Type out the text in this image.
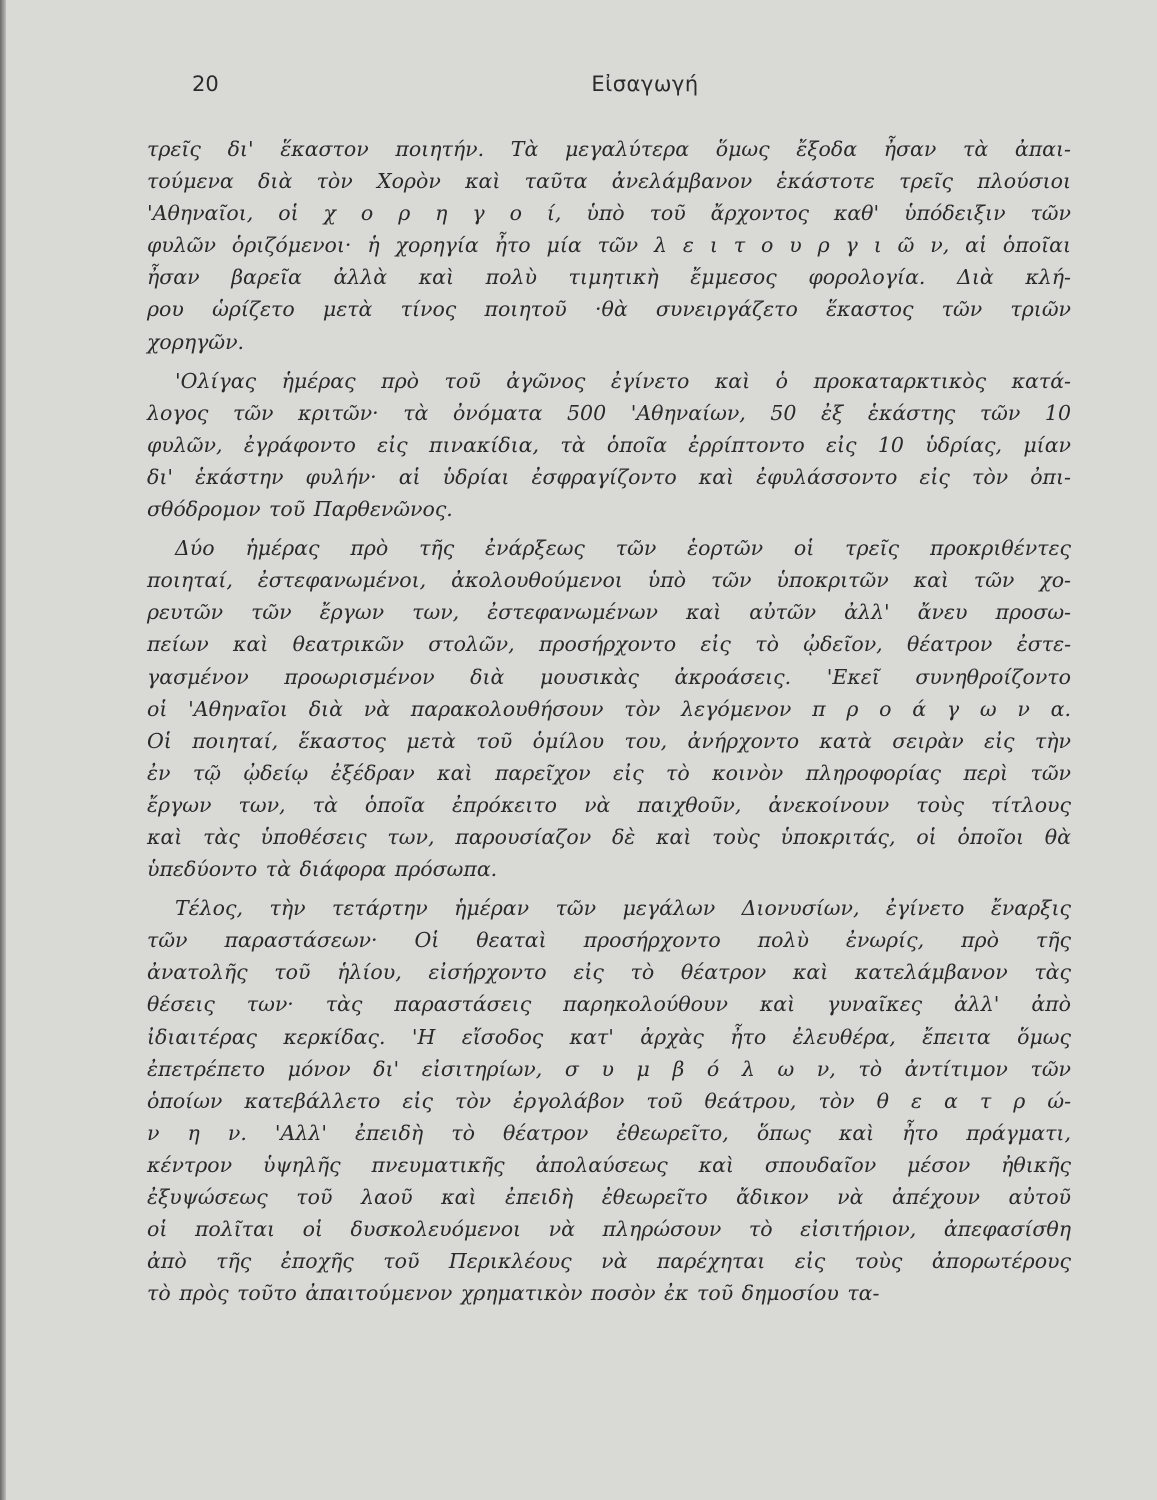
20	Εἰσαγωγή
τρεῖς δι' ἕκαστον ποιητήν. Τὰ μεγαλύτερα ὅμως ἔξοδα ἦσαν τὰ ἀπαι-
τούμενα διὰ τὸν Χορὸν καὶ ταῦτα ἀνελάμβανον ἑκάστοτε τρεῖς πλούσιοι
'Αθηναῖοι, οἱ χ ο ρ η γ ο ί, ὑπὸ τοῦ ἄρχοντος καθ' ὑπόδειξιν τῶν
φυλῶν ὁριζόμενοι· ἡ χορηγία ἦτο μία τῶν λ ε ι τ ο υ ρ γ ι ῶ ν, αἱ ὁποῖαι
ἦσαν βαρεῖα ἀλλὰ καὶ πολὺ τιμητικὴ ἔμμεσος φορολογία. Διὰ κλή-
ρου ὡρίζετο μετὰ τίνος ποιητοῦ ·θὰ συνειργάζετο ἕκαστος τῶν τριῶν
χορηγῶν.
'Ολίγας ἡμέρας πρὸ τοῦ ἀγῶνος ἐγίνετο καὶ ὁ προκαταρκτικὸς κατά-
λογος τῶν κριτῶν· τὰ ὀνόματα 500 'Αθηναίων, 50 ἐξ ἑκάστης τῶν 10
φυλῶν, ἐγράφοντο εἰς πινακίδια, τὰ ὁποῖα ἐρρίπτοντο εἰς 10 ὑδρίας, μίαν
δι' ἑκάστην φυλήν· αἱ ὑδρίαι ἐσφραγίζοντο καὶ ἐφυλάσσοντο εἰς τὸν ὀπι-
σθόδρομον τοῦ Παρθενῶνος.
Δύο ἡμέρας πρὸ τῆς ἐνάρξεως τῶν ἑορτῶν οἱ τρεῖς προκριθέντες
ποιηταί, ἐστεφανωμένοι, ἀκολουθούμενοι ὑπὸ τῶν ὑποκριτῶν καὶ τῶν χο-
ρευτῶν τῶν ἔργων των, ἐστεφανωμένων καὶ αὐτῶν ἀλλ' ἄνευ προσω-
πείων καὶ θεατρικῶν στολῶν, προσήρχοντο εἰς τὸ ᾠδεῖον, θέατρον ἐστε-
γασμένον προωρισμένον διὰ μουσικὰς ἀκροάσεις. 'Εκεῖ συνηθροίζοντο
οἱ 'Αθηναῖοι διὰ νὰ παρακολουθήσουν τὸν λεγόμενον π ρ ο ά γ ω ν α.
Οἱ ποιηταί, ἕκαστος μετὰ τοῦ ὁμίλου του, ἀνήρχοντο κατὰ σειρὰν εἰς τὴν
ἐν τῷ ᾠδείῳ ἐξέδραν καὶ παρεῖχον εἰς τὸ κοινὸν πληροφορίας περὶ τῶν
ἔργων των, τὰ ὁποῖα ἐπρόκειτο νὰ παιχθοῦν, ἀνεκοίνουν τοὺς τίτλους
καὶ τὰς ὑποθέσεις των, παρουσίαζον δὲ καὶ τοὺς ὑποκριτάς, οἱ ὁποῖοι θὰ
ὑπεδύοντο τὰ διάφορα πρόσωπα.
Τέλος, τὴν τετάρτην ἡμέραν τῶν μεγάλων Διονυσίων, ἐγίνετο ἔναρξις
τῶν παραστάσεων· Οἱ θεαταὶ προσήρχοντο πολὺ ἐνωρίς, πρὸ τῆς
ἀνατολῆς τοῦ ἡλίου, εἰσήρχοντο εἰς τὸ θέατρον καὶ κατελάμβανον τὰς
θέσεις των· τὰς παραστάσεις παρηκολούθουν καὶ γυναῖκες ἀλλ' ἀπὸ
ἰδιαιτέρας κερκίδας. 'Η εἴσοδος κατ' ἀρχὰς ἦτο ἐλευθέρα, ἔπειτα ὅμως
ἐπετρέπετο μόνον δι' εἰσιτηρίων, σ υ μ β ό λ ω ν, τὸ ἀντίτιμον τῶν
ὁποίων κατεβάλλετο εἰς τὸν ἐργολάβον τοῦ θεάτρου, τὸν θ ε α τ ρ ώ-
ν η ν. 'Αλλ' ἐπειδὴ τὸ θέατρον ἐθεωρεῖτο, ὅπως καὶ ἦτο πράγματι,
κέντρον ὑψηλῆς πνευματικῆς ἀπολαύσεως καὶ σπουδαῖον μέσον ἠθικῆς
ἐξυψώσεως τοῦ λαοῦ καὶ ἐπειδὴ ἐθεωρεῖτο ἄδικον νὰ ἀπέχουν αὐτοῦ
οἱ πολῖται οἱ δυσκολευόμενοι νὰ πληρώσουν τὸ εἰσιτήριον, ἀπεφασίσθη
ἀπὸ τῆς ἐποχῆς τοῦ Περικλέους νὰ παρέχηται εἰς τοὺς ἀπορωτέρους
τὸ πρὸς τοῦτο ἀπαιτούμενον χρηματικὸν ποσὸν ἐκ τοῦ δημοσίου τα-
